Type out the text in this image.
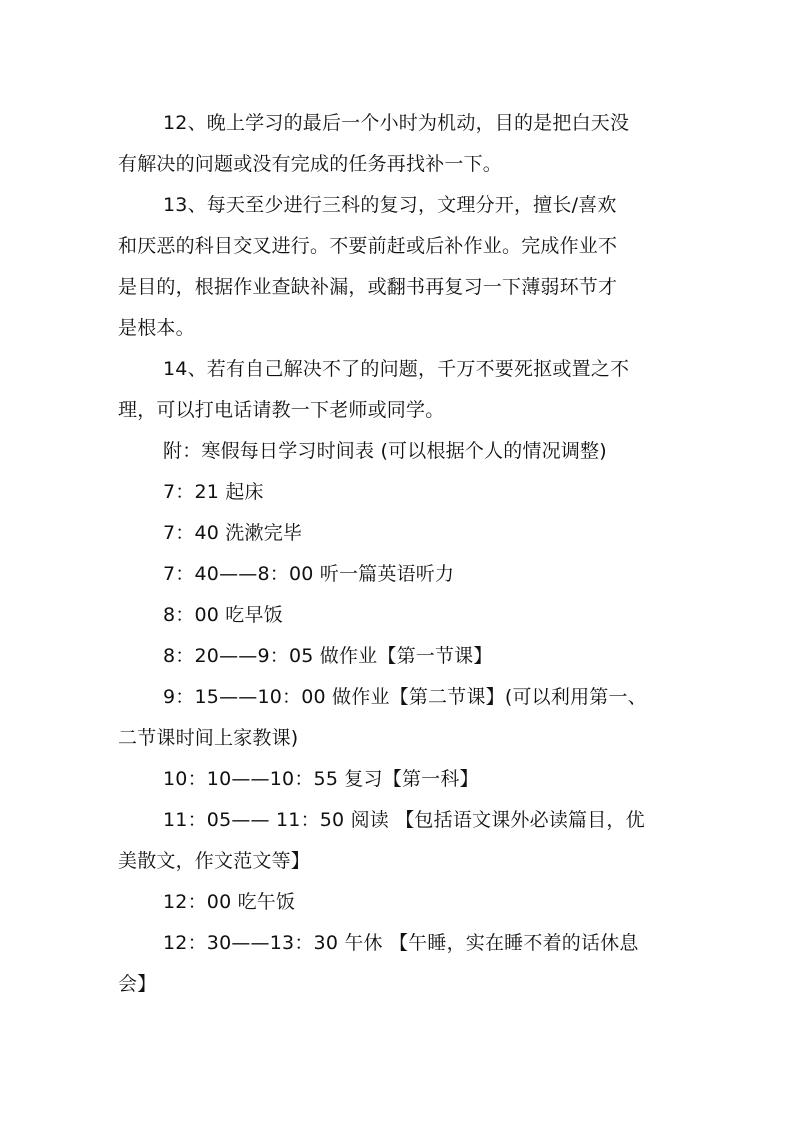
12、晚上学习的最后一个小时为机动，目的是把白天没
有解决的问题或没有完成的任务再找补一下。
13、每天至少进行三科的复习，文理分开，擅长/喜欢
和厌恶的科目交叉进行。不要前赶或后补作业。完成作业不
是目的，根据作业查缺补漏，或翻书再复习一下薄弱环节才
是根本。
14、若有自己解决不了的问题，千万不要死抠或置之不
理，可以打电话请教一下老师或同学。
附：寒假每日学习时间表 (可以根据个人的情况调整)
7：21 起床
7：40 洗漱完毕
7：40——8：00 听一篇英语听力
8：00 吃早饭
8：20——9：05 做作业【第一节课】
9：15——10：00 做作业【第二节课】(可以利用第一、
二节课时间上家教课)
10：10——10：55 复习【第一科】
11：05—— 11：50 阅读 【包括语文课外必读篇目，优
美散文，作文范文等】
12：00 吃午饭
12：30——13：30 午休 【午睡，实在睡不着的话休息
会】
